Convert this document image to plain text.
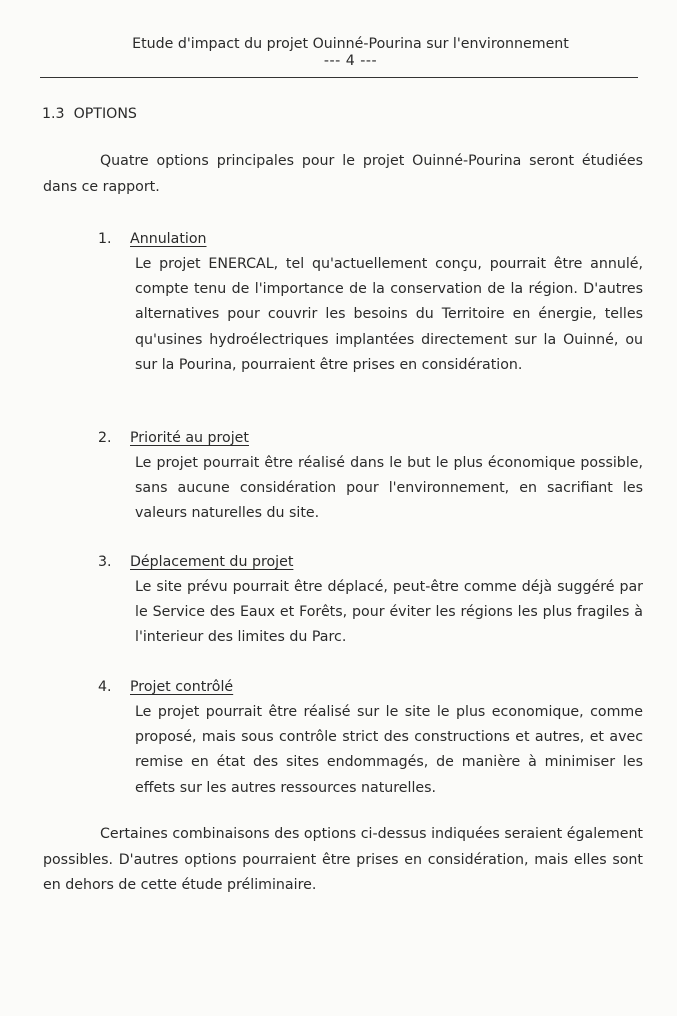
Etude d'impact du projet Ouinné-Pourina sur l'environnement
--- 4 ---
1.3  OPTIONS

Quatre options principales pour le projet Ouinné-Pourina seront étudiées dans ce rapport.

1.	Annulation
Le projet ENERCAL, tel qu'actuellement conçu, pourrait être annulé, compte tenu de l'importance de la conservation de la région. D'autres alternatives pour couvrir les besoins du Territoire en énergie, telles qu'usines hydroélectriques implantées directement sur la Ouinné, ou sur la Pourina, pourraient être prises en considération.
2.	Priorité au projet
Le projet pourrait être réalisé dans le but le plus économique possible, sans aucune considération pour l'environnement, en sacrifiant les valeurs naturelles du site.
3.	Déplacement du projet
Le site prévu pourrait être déplacé, peut-être comme déjà suggéré par le Service des Eaux et Forêts, pour éviter les régions les plus fragiles à l'interieur des limites du Parc.
4.	Projet contrôlé
Le projet pourrait être réalisé sur le site le plus economique, comme proposé, mais sous contrôle strict des constructions et autres, et avec remise en état des sites endommagés, de manière à minimiser les effets sur les autres ressources naturelles.

Certaines combinaisons des options ci-dessus indiquées seraient également possibles. D'autres options pourraient être prises en considération, mais elles sont en dehors de cette étude préliminaire.
